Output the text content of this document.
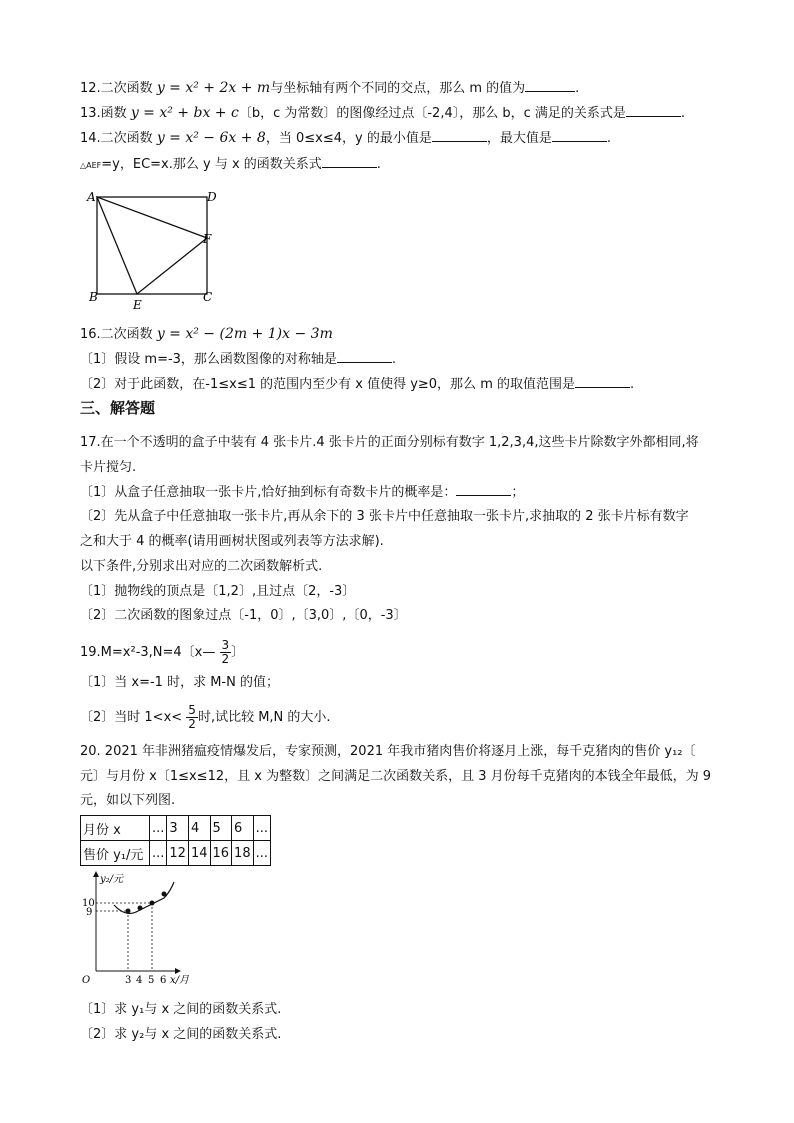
12.二次函数 y = x² + 2x + m与坐标轴有两个不同的交点，那么 m 的值为	.
13.函数 y = x² + bx + c〔b，c 为常数〕的图像经过点〔-2,4〕，那么 b，c 满足的关系式是	.
14.二次函数 y = x² − 6x + 8，当 0≤x≤4，y 的最小值是	，最大值是	.
△AEF=y，EC=x.那么 y 与 x 的函数关系式	.
A	D
F
B
E
C
16.二次函数 y = x² − (2m + 1)x − 3m
〔1〕假设 m=-3，那么函数图像的对称轴是	.
〔2〕对于此函数，在-1≤x≤1 的范围内至少有 x 值使得 y≥0，那么 m 的取值范围是	.
三、解答题
17.在一个不透明的盒子中装有 4 张卡片.4 张卡片的正面分别标有数字 1,2,3,4,这些卡片除数字外都相同,将
卡片搅匀.
〔1〕从盒子任意抽取一张卡片,恰好抽到标有奇数卡片的概率是：	；
〔2〕先从盒子中任意抽取一张卡片,再从余下的 3 张卡片中任意抽取一张卡片,求抽取的 2 张卡片标有数字
之和大于 4 的概率(请用画树状图或列表等方法求解).
以下条件,分别求出对应的二次函数解析式.
〔1〕抛物线的顶点是〔1,2〕,且过点〔2，-3〕
〔2〕二次函数的图象过点〔-1，0〕,〔3,0〕,〔0，-3〕
19.M=x²-3,N=4〔x— $\frac{3}{2}$ 〕
〔1〕当 x=-1 时，求 M-N 的值；
〔2〕当时 $1<x< \frac{5}{2}$ 时,试比较 M,N 的大小.
20. 2021 年非洲猪瘟疫情爆发后，专家预测，2021 年我市猪肉售价将逐月上涨，每千克猪肉的售价 y₁₂〔
元〕与月份 x〔1≤x≤12，且 x 为整数〕之间满足二次函数关系，且 3 月份每千克猪肉的本钱全年最低，为 9
元，如以下列图.
月份 x	...	3	4	5	6	...
售价 y₁/元	...	12	14	16	18	...
y₂/元
10
9
O	3 4 5 6 x/月
〔1〕求 y₁与 x 之间的函数关系式.
〔2〕求 y₂与 x 之间的函数关系式.
